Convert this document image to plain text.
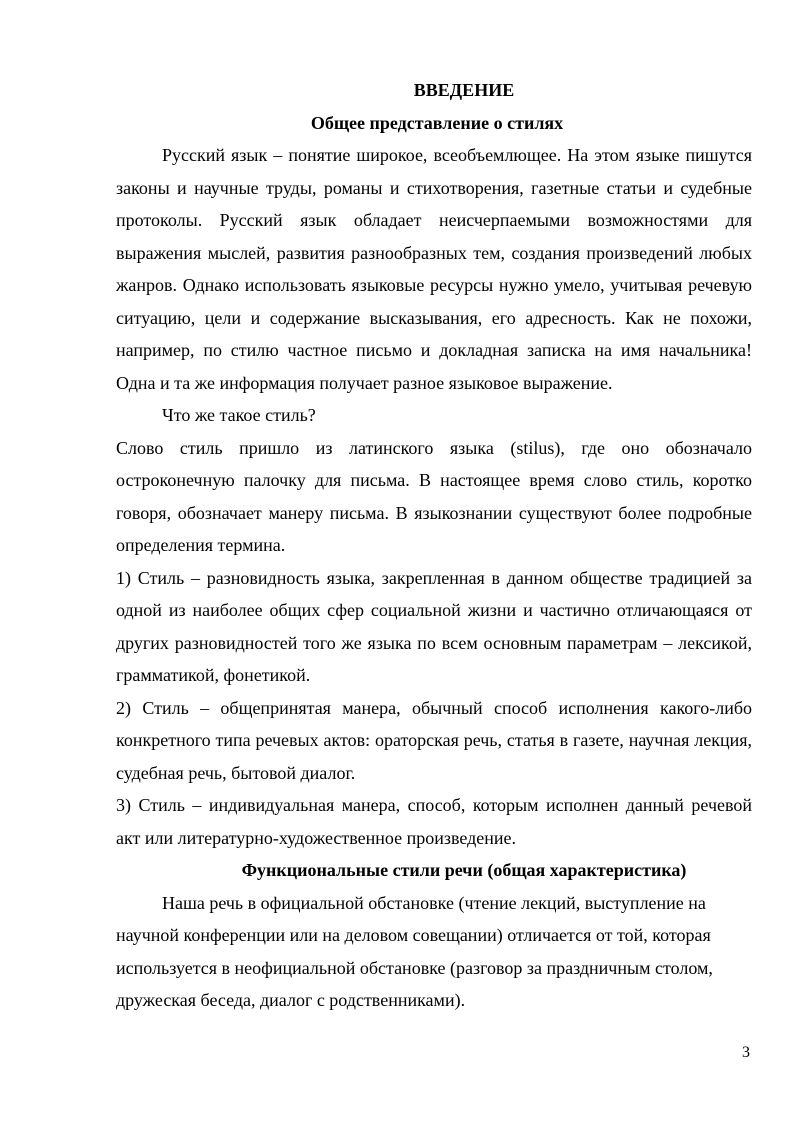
ВВЕДЕНИЕ
Общее представление о стилях

Русский язык – понятие широкое, всеобъемлющее. На этом языке пишутся законы и научные труды, романы и стихотворения, газетные статьи и судебные протоколы. Русский язык обладает неисчерпаемыми возможностями для выражения мыслей, развития разнообразных тем, создания произведений любых жанров. Однако использовать языковые ресурсы нужно умело, учитывая речевую ситуацию, цели и содержание высказывания, его адресность. Как не похожи, например, по стилю частное письмо и докладная записка на имя начальника! Одна и та же информация получает разное языковое выражение.

Что же такое стиль?

Слово стиль пришло из латинского языка (stilus), где оно обозначало остроконечную палочку для письма. В настоящее время слово стиль, коротко говоря, обозначает манеру письма. В языкознании существуют более подробные определения термина.

1) Стиль – разновидность языка, закрепленная в данном обществе традицией за одной из наиболее общих сфер социальной жизни и частично отличающаяся от других разновидностей того же языка по всем основным параметрам – лексикой, грамматикой, фонетикой.

2) Стиль – общепринятая манера, обычный способ исполнения какого-либо конкретного типа речевых актов: ораторская речь, статья в газете, научная лекция, судебная речь, бытовой диалог.

3) Стиль – индивидуальная манера, способ, которым исполнен данный речевой акт или литературно-художественное произведение.

Функциональные стили речи (общая характеристика)

Наша речь в официальной обстановке (чтение лекций, выступление на научной конференции или на деловом совещании) отличается от той, которая используется в неофициальной обстановке (разговор за праздничным столом, дружеская беседа, диалог с родственниками).

3
